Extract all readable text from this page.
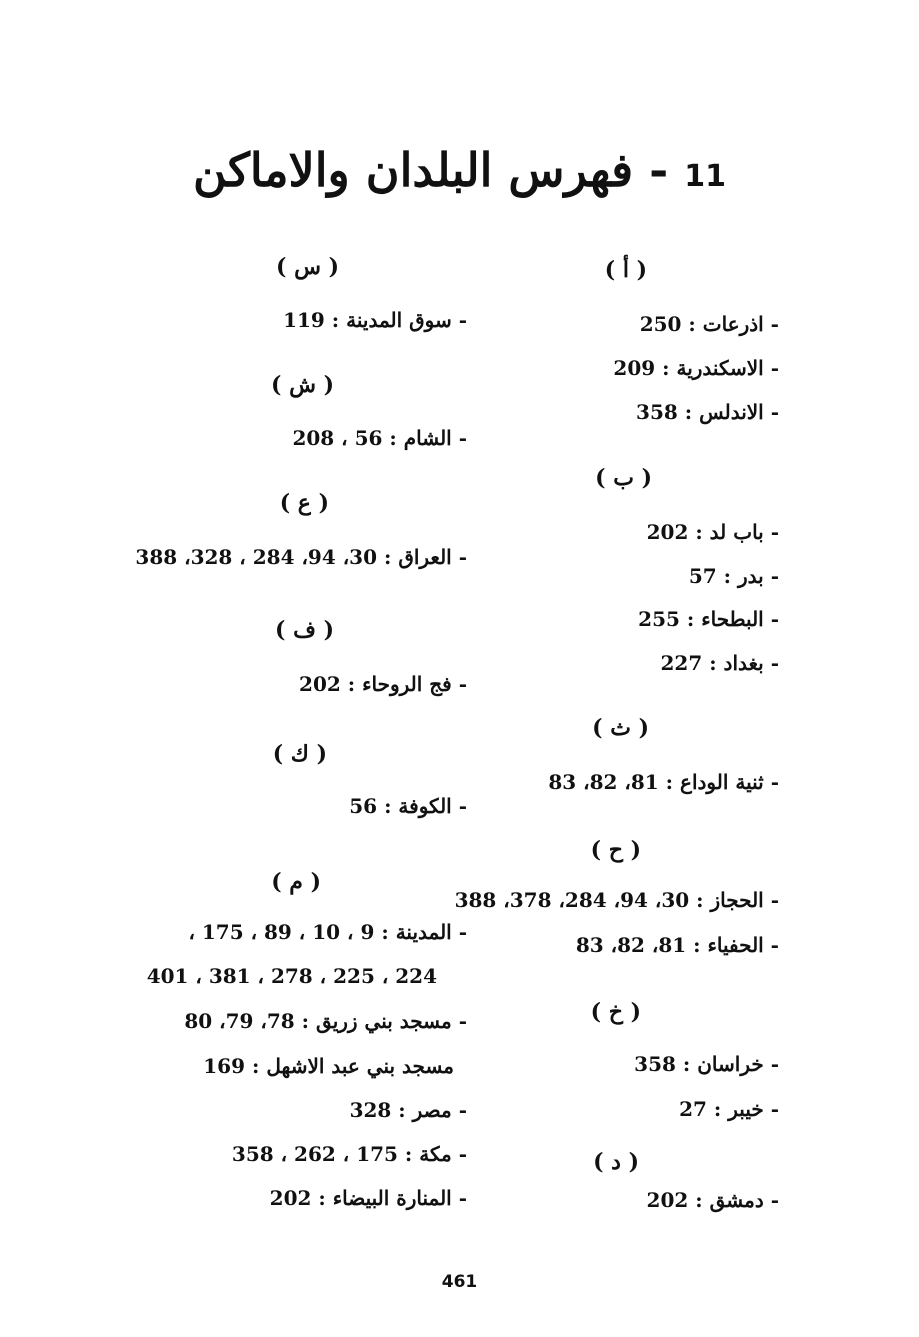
11 - فهرس البلدان والاماكن
( أ )
- اذرعات : 250
- الاسكندرية : 209
- الاندلس : 358
( ب )
- باب لد : 202
- بدر : 57
- البطحاء : 255
- بغداد : 227
( ث )
- ثنية الوداع : 81، 82، 83
( ح )
- الحجاز : 30، 94، 284، 378، 388
- الحفياء : 81، 82، 83
( خ )
- خراسان : 358
- خيبر : 27
( د )
- دمشق : 202
( س )
- سوق المدينة : 119
( ش )
- الشام : 56 ، 208
( ع )
- العراق : 30، 94، 284 ، 328، 388
( ف )
- فج الروحاء : 202
( ك )
- الكوفة : 56
( م )
- المدينة : 9 ، 10 ، 89 ، 175 ،
224 ، 225 ، 278 ، 381 ، 401
- مسجد بني زريق : 78، 79، 80
مسجد بني عبد الاشهل : 169
- مصر : 328
- مكة : 175 ، 262 ، 358
- المنارة البيضاء : 202
461
